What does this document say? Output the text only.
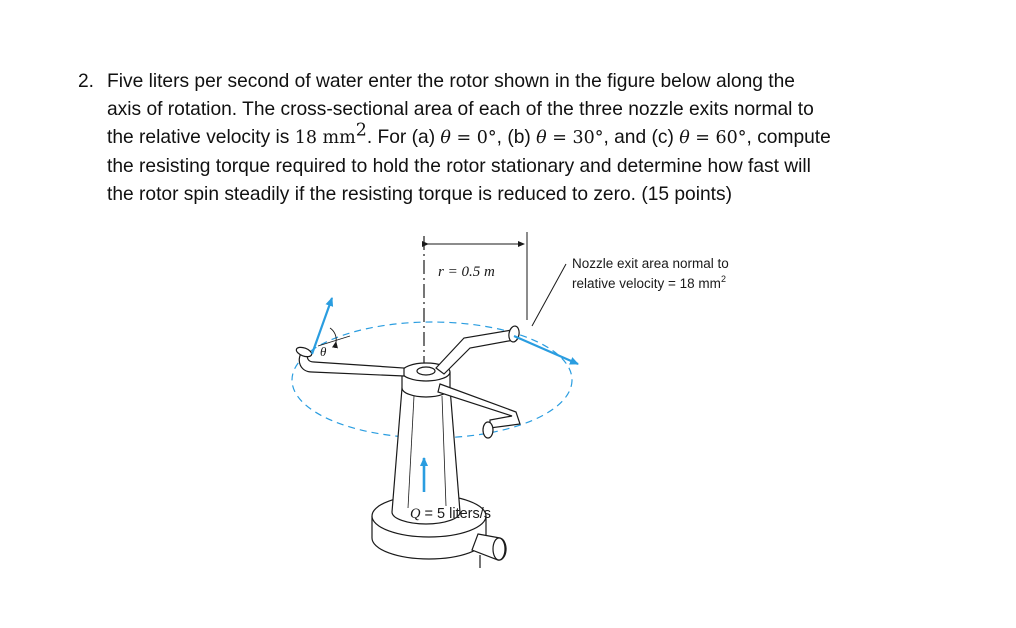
2. Five liters per second of water enter the rotor shown in the figure below along the
axis of rotation. The cross-sectional area of each of the three nozzle exits normal to
the relative velocity is 18 $mm^2$. For (a) θ = 0°, (b) θ = 30°, and (c) θ = 60°, compute
the resisting torque required to hold the rotor stationary and determine how fast will
the rotor spin steadily if the resisting torque is reduced to zero. (15 points)
r = 0.5 m
Nozzle exit area normal to
relative velocity = 18 $mm^2$
θ
Q = 5 liters/s
